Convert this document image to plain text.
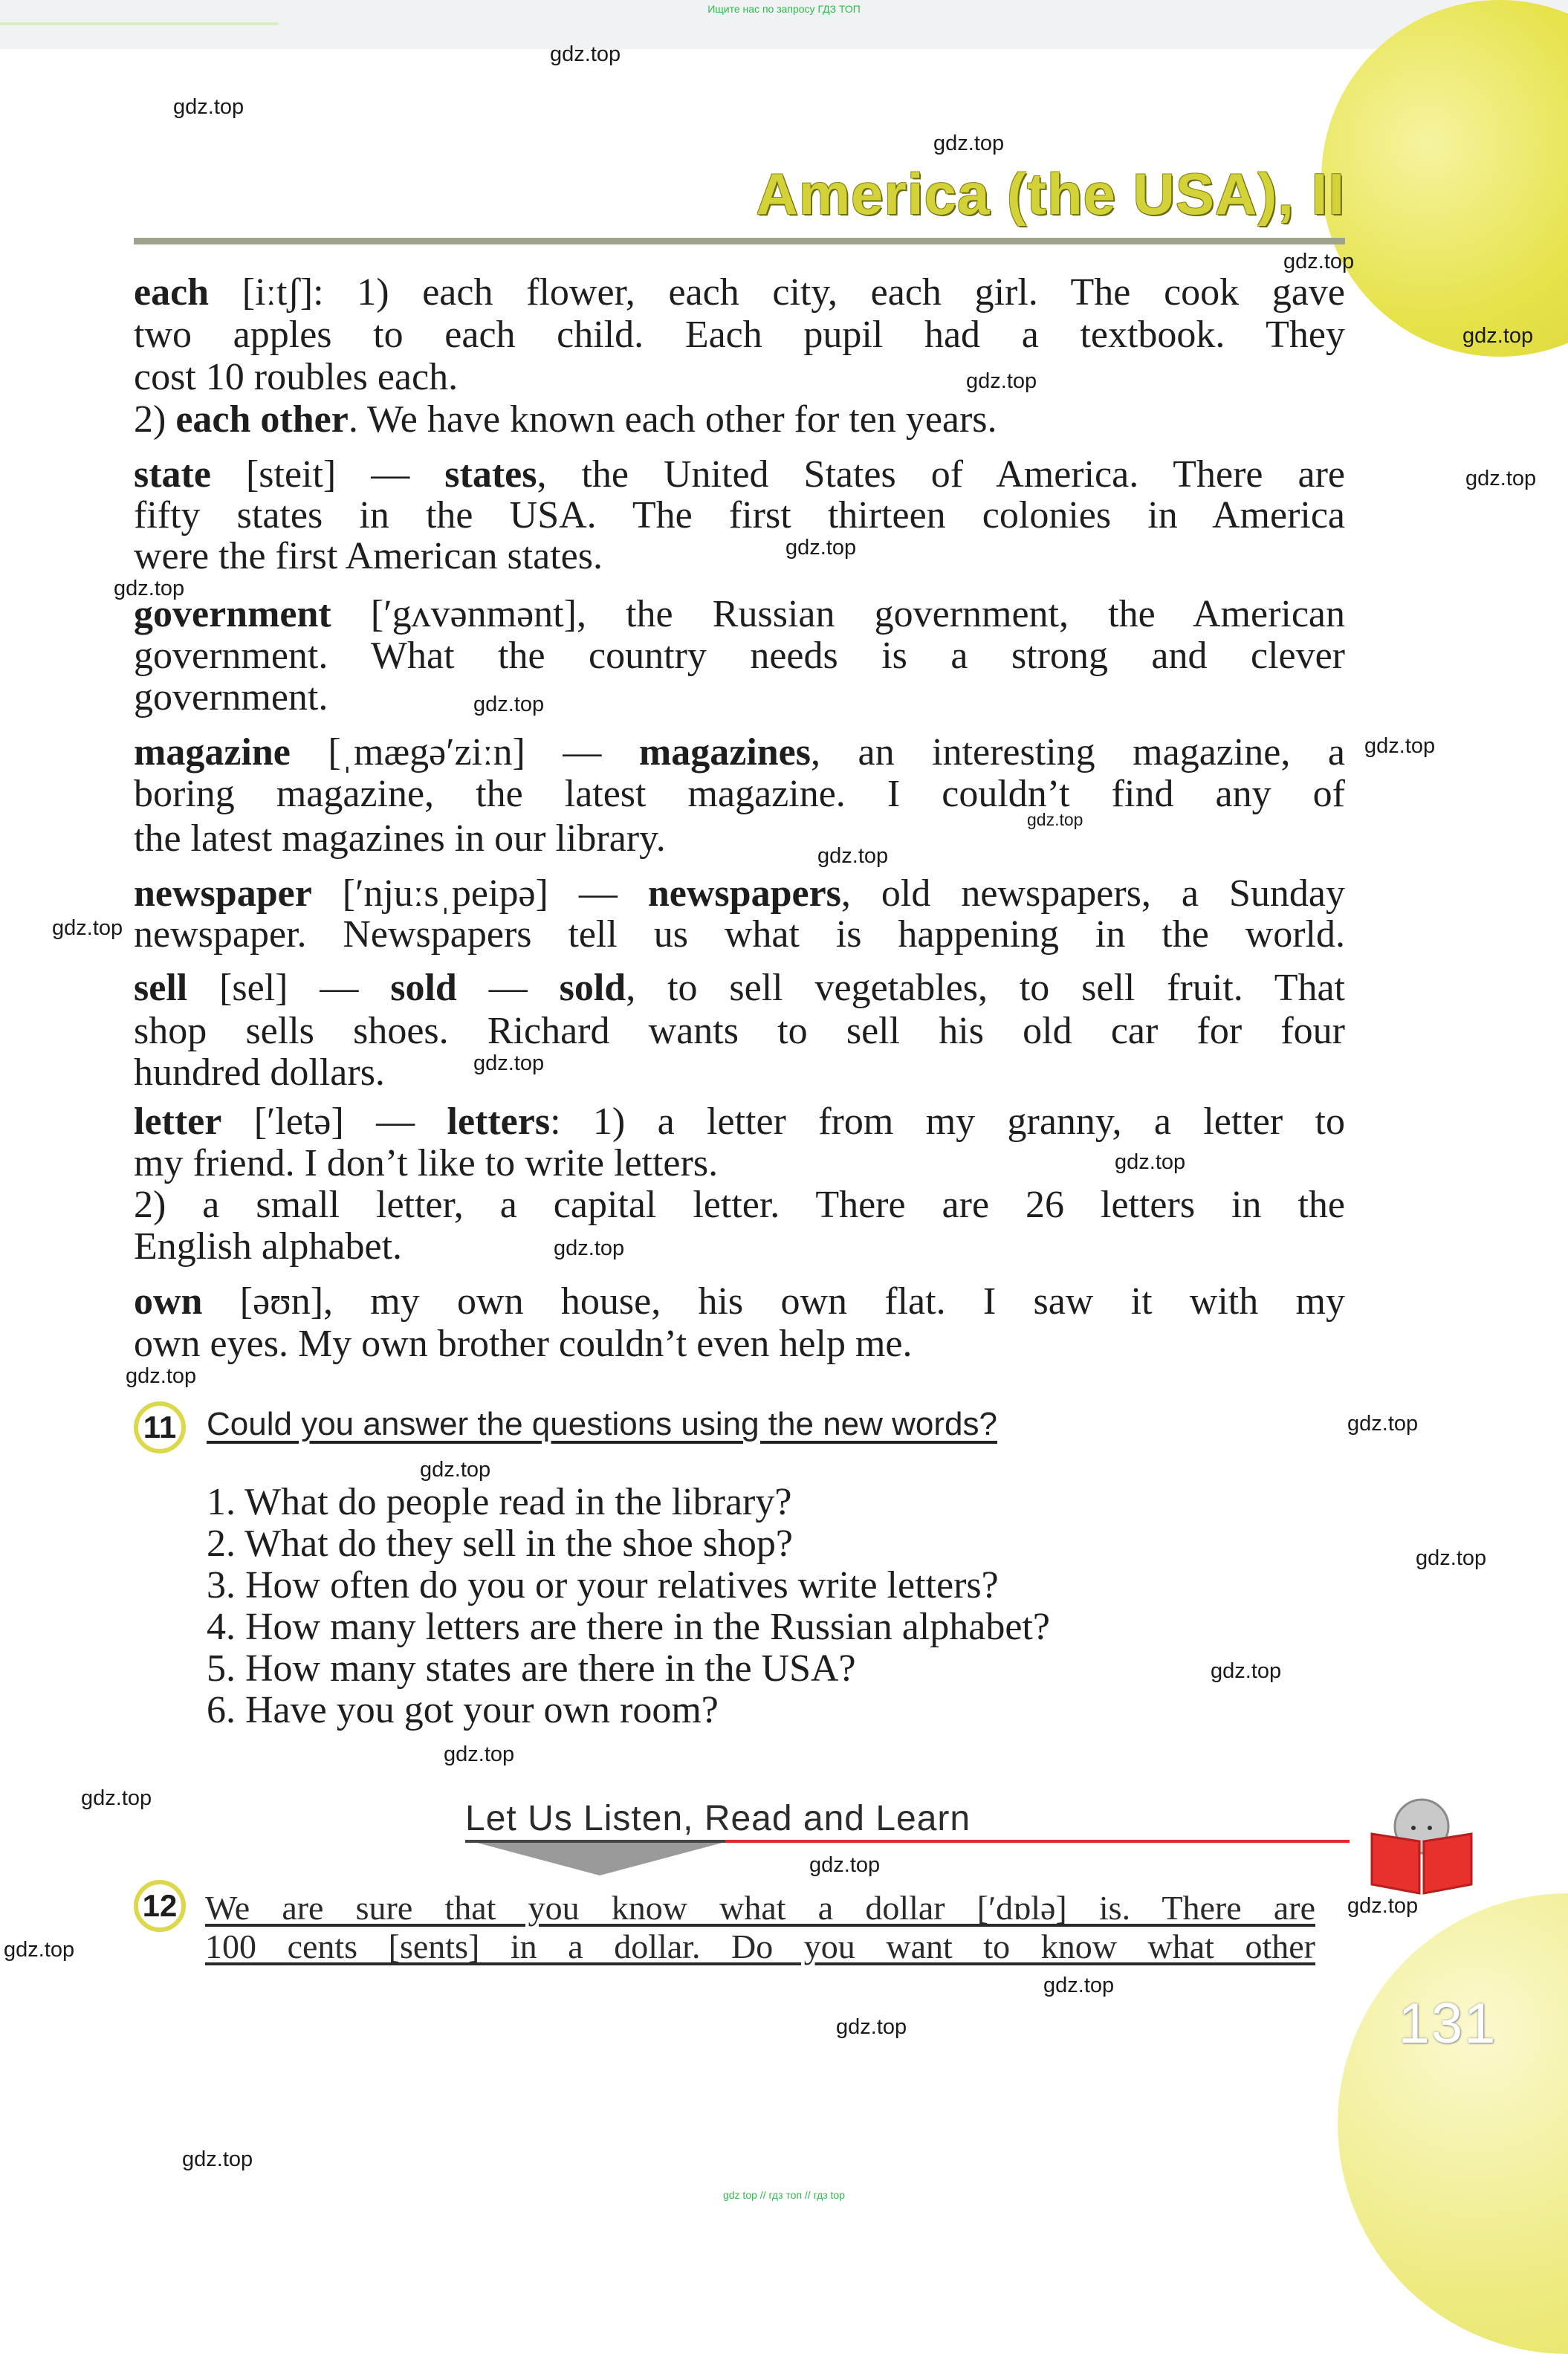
Ищите нас по запросу ГДЗ ТОП
America (the USA), II
each [iːtʃ]: 1) each flower, each city, each girl. The cook gave
two apples to each child. Each pupil had a textbook. They
cost 10 roubles each.
2) each other. We have known each other for ten years.
state [steit] — states, the United States of America. There are
fifty states in the USA. The first thirteen colonies in America
were the first American states.
government [ʹgʌvənmənt], the Russian government, the American
government. What the country needs is a strong and clever
government.
magazine [ˌmægəʹziːn] — magazines, an interesting magazine, a
boring magazine, the latest magazine. I couldn’t find any of
the latest magazines in our library.
newspaper [ʹnjuːsˌpeipə] — newspapers, old newspapers, a Sunday
newspaper. Newspapers tell us what is happening in the world.
sell [sel] — sold — sold, to sell vegetables, to sell fruit. That
shop sells shoes. Richard wants to sell his old car for four
hundred dollars.
letter [ʹletə] — letters: 1) a letter from my granny, a letter to
my friend. I don’t like to write letters.
2) a small letter, a capital letter. There are 26 letters in the
English alphabet.
own [əʊn], my own house, his own flat. I saw it with my
own eyes. My own brother couldn’t even help me.
11 Could you answer the questions using the new words?
1. What do people read in the library?
2. What do they sell in the shoe shop?
3. How often do you or your relatives write letters?
4. How many letters are there in the Russian alphabet?
5. How many states are there in the USA?
6. Have you got your own room?
Let Us Listen, Read and Learn
12 We are sure that you know what a dollar [ʹdɒlə] is. There are
100 cents [sents] in a dollar. Do you want to know what other
131
gdz.top
gdz.top
gdz.top
gdz.top
gdz.top
gdz.top
gdz.top
gdz.top
gdz.top
gdz.top
gdz.top
gdz.top
gdz.top
gdz.top
gdz.top
gdz.top
gdz.top
gdz.top
gdz.top
gdz.top
gdz.top
gdz.top
gdz.top
gdz.top
gdz.top
gdz.top
gdz.top
gdz.top
gdz.top
gdz.top
gdz top // гдз топ // гдз top
